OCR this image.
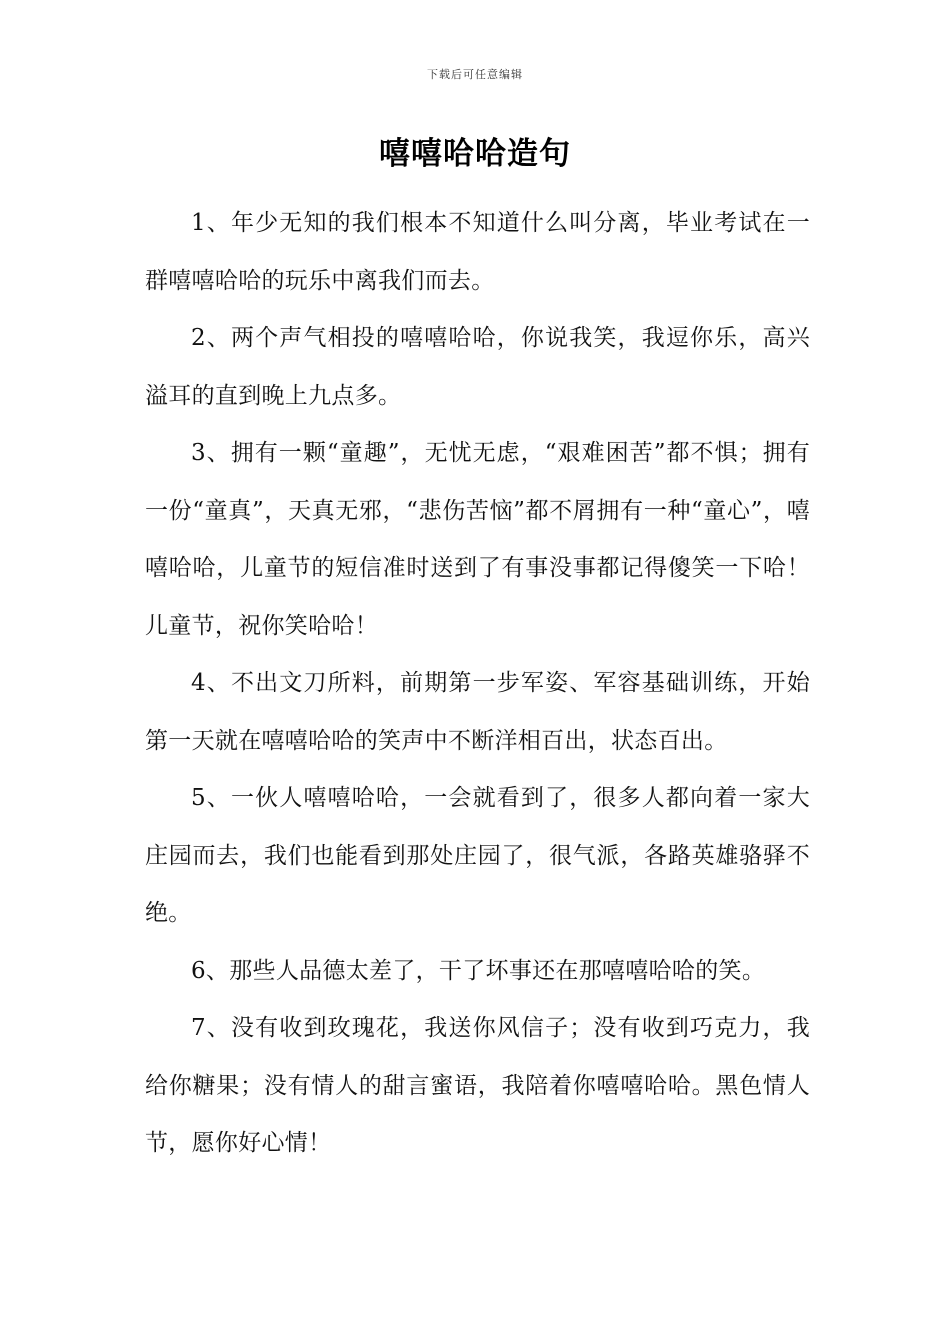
下载后可任意编辑
嘻嘻哈哈造句

1、年少无知的我们根本不知道什么叫分离，毕业考试在一群嘻嘻哈哈的玩乐中离我们而去。

2、两个声气相投的嘻嘻哈哈，你说我笑，我逗你乐，高兴溢耳的直到晚上九点多。

3、拥有一颗“童趣”，无忧无虑，“艰难困苦”都不惧；拥有一份“童真”，天真无邪，“悲伤苦恼”都不屑拥有一种“童心”，嘻嘻哈哈，儿童节的短信准时送到了有事没事都记得傻笑一下哈！儿童节，祝你笑哈哈！

4、不出文刀所料，前期第一步军姿、军容基础训练，开始第一天就在嘻嘻哈哈的笑声中不断洋相百出，状态百出。

5、一伙人嘻嘻哈哈，一会就看到了，很多人都向着一家大庄园而去，我们也能看到那处庄园了，很气派，各路英雄骆驿不绝。

6、那些人品德太差了，干了坏事还在那嘻嘻哈哈的笑。

7、没有收到玫瑰花，我送你风信子；没有收到巧克力，我给你糖果；没有情人的甜言蜜语，我陪着你嘻嘻哈哈。黑色情人节，愿你好心情！
